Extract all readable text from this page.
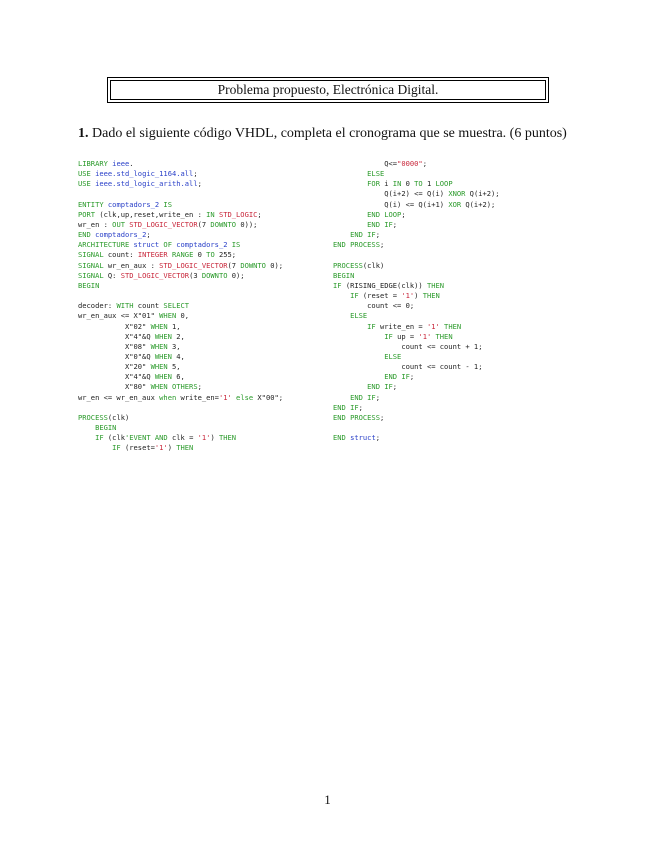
Problema propuesto, Electrónica Digital.
1. Dado el siguiente código VHDL, completa el cronograma que se muestra. (6 puntos)
LIBRARY ieee.
USE ieee.std_logic_1164.all;
USE ieee.std_logic_arith.all;

ENTITY comptadors_2 IS
PORT (clk,up,reset,write_en : IN STD_LOGIC;
wr_en : OUT STD_LOGIC_VECTOR(7 DOWNTO 0));
END comptadors_2;
ARCHITECTURE struct OF comptadors_2 IS
SIGNAL count: INTEGER RANGE 0 TO 255;
SIGNAL wr_en_aux : STD_LOGIC_VECTOR(7 DOWNTO 0);
SIGNAL Q: STD_LOGIC_VECTOR(3 DOWNTO 0);
BEGIN

decoder: WITH count SELECT
wr_en_aux <= X"01" WHEN 0,
X"02" WHEN 1,
X"4"&Q WHEN 2,
X"08" WHEN 3,
X"0"&Q WHEN 4,
X"20" WHEN 5,
X"4"&Q WHEN 6,
X"80" WHEN OTHERS;
wr_en <= wr_en_aux when write_en='1' else X"00";

PROCESS(clk)
BEGIN
IF (clk'EVENT AND clk = '1') THEN
IF (reset='1') THEN
Q<="0000";
ELSE
FOR i IN 0 TO 1 LOOP
Q(i+2) <= Q(i) XNOR Q(i+2);
Q(i) <= Q(i+1) XOR Q(i+2);
END LOOP;
END IF;
END IF;
END PROCESS;

PROCESS(clk)
BEGIN
IF (RISING_EDGE(clk)) THEN
IF (reset = '1') THEN
count <= 0;
ELSE
IF write_en = '1' THEN
IF up = '1' THEN
count <= count + 1;
ELSE
count <= count - 1;
END IF;
END IF;
END IF;
END IF;
END PROCESS;

END struct;
1
